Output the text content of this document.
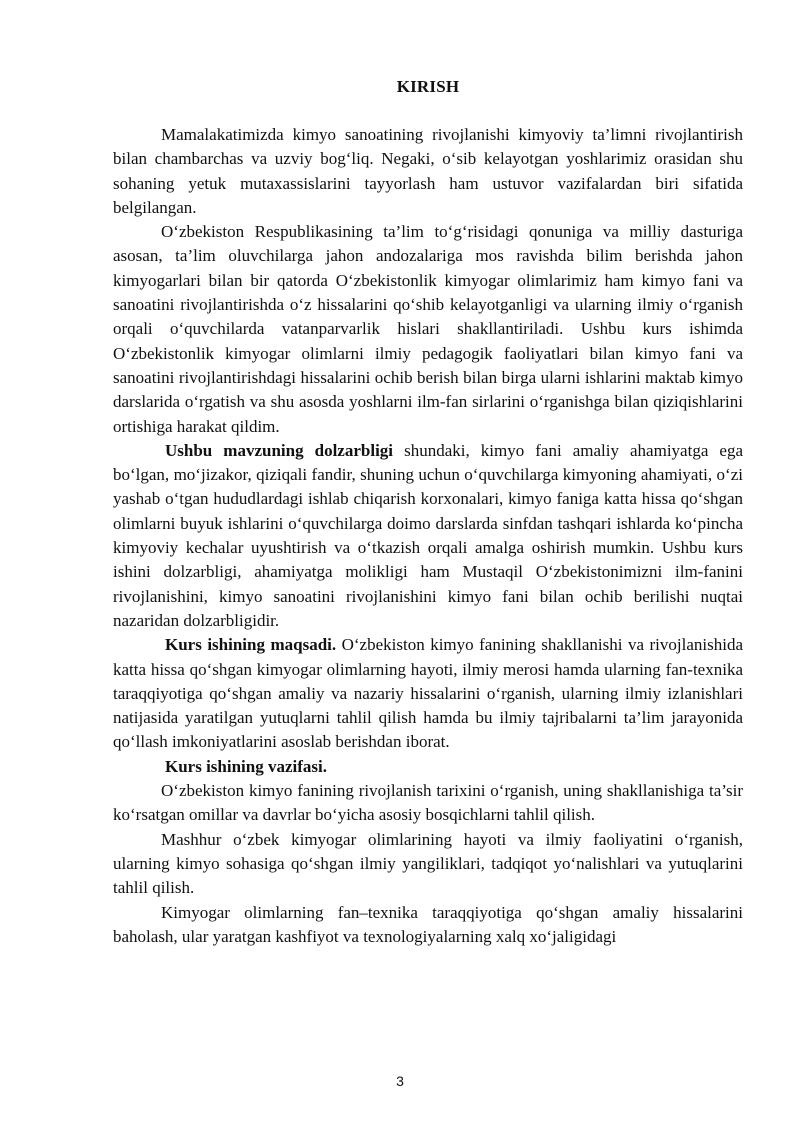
KIRISH

Mamalakatimizda kimyo sanoatining rivojlanishi kimyoviy ta’limni rivojlantirish bilan chambarchas va uzviy bog‘liq. Negaki, o‘sib kelayotgan yoshlarimiz orasidan shu sohaning yetuk mutaxassislarini tayyorlash ham ustuvor vazifalardan biri sifatida belgilangan.

O‘zbekiston Respublikasining ta’lim to‘g‘risidagi qonuniga va milliy dasturiga asosan, ta’lim oluvchilarga jahon andozalariga mos ravishda bilim berishda jahon kimyogarlari bilan bir qatorda O‘zbekistonlik kimyogar olimlarimiz ham kimyo fani va sanoatini rivojlantirishda o‘z hissalarini qo‘shib kelayotganligi va ularning ilmiy o‘rganish orqali o‘quvchilarda vatanparvarlik hislari shakllantiriladi. Ushbu kurs ishimda O‘zbekistonlik kimyogar olimlarni ilmiy pedagogik faoliyatlari bilan kimyo fani va sanoatini rivojlantirishdagi hissalarini ochib berish bilan birga ularni ishlarini maktab kimyo darslarida o‘rgatish va shu asosda yoshlarni ilm-fan sirlarini o‘rganishga bilan qiziqishlarini ortishiga harakat qildim.

Ushbu mavzuning dolzarbligi shundaki, kimyo fani amaliy ahamiyatga ega bo‘lgan, mo‘jizakor, qiziqali fandir, shuning uchun o‘quvchilarga kimyoning ahamiyati, o‘zi yashab o‘tgan hududlardagi ishlab chiqarish korxonalari, kimyo faniga katta hissa qo‘shgan olimlarni buyuk ishlarini o‘quvchilarga doimo darslarda sinfdan tashqari ishlarda ko‘pincha kimyoviy kechalar uyushtirish va o‘tkazish orqali amalga oshirish mumkin. Ushbu kurs ishini dolzarbligi, ahamiyatga molikligi ham Mustaqil O‘zbekistonimizni ilm-fanini rivojlanishini, kimyo sanoatini rivojlanishini kimyo fani bilan ochib berilishi nuqtai nazaridan dolzarbligidir.

Kurs ishining maqsadi. O‘zbekiston kimyo fanining shakllanishi va rivojlanishida katta hissa qo‘shgan kimyogar olimlarning hayoti, ilmiy merosi hamda ularning fan-texnika taraqqiyotiga qo‘shgan amaliy va nazariy hissalarini o‘rganish, ularning ilmiy izlanishlari natijasida yaratilgan yutuqlarni tahlil qilish hamda bu ilmiy tajribalarni ta’lim jarayonida qo‘llash imkoniyatlarini asoslab berishdan iborat.

Kurs ishining vazifasi.

O‘zbekiston kimyo fanining rivojlanish tarixini o‘rganish, uning shakllanishiga ta’sir ko‘rsatgan omillar va davrlar bo‘yicha asosiy bosqichlarni tahlil qilish.

Mashhur o‘zbek kimyogar olimlarining hayoti va ilmiy faoliyatini o‘rganish, ularning kimyo sohasiga qo‘shgan ilmiy yangiliklari, tadqiqot yo‘nalishlari va yutuqlarini tahlil qilish.

Kimyogar olimlarning fan–texnika taraqqiyotiga qo‘shgan amaliy hissalarini baholash, ular yaratgan kashfiyot va texnologiyalarning xalq xo‘jaligidagi

3
